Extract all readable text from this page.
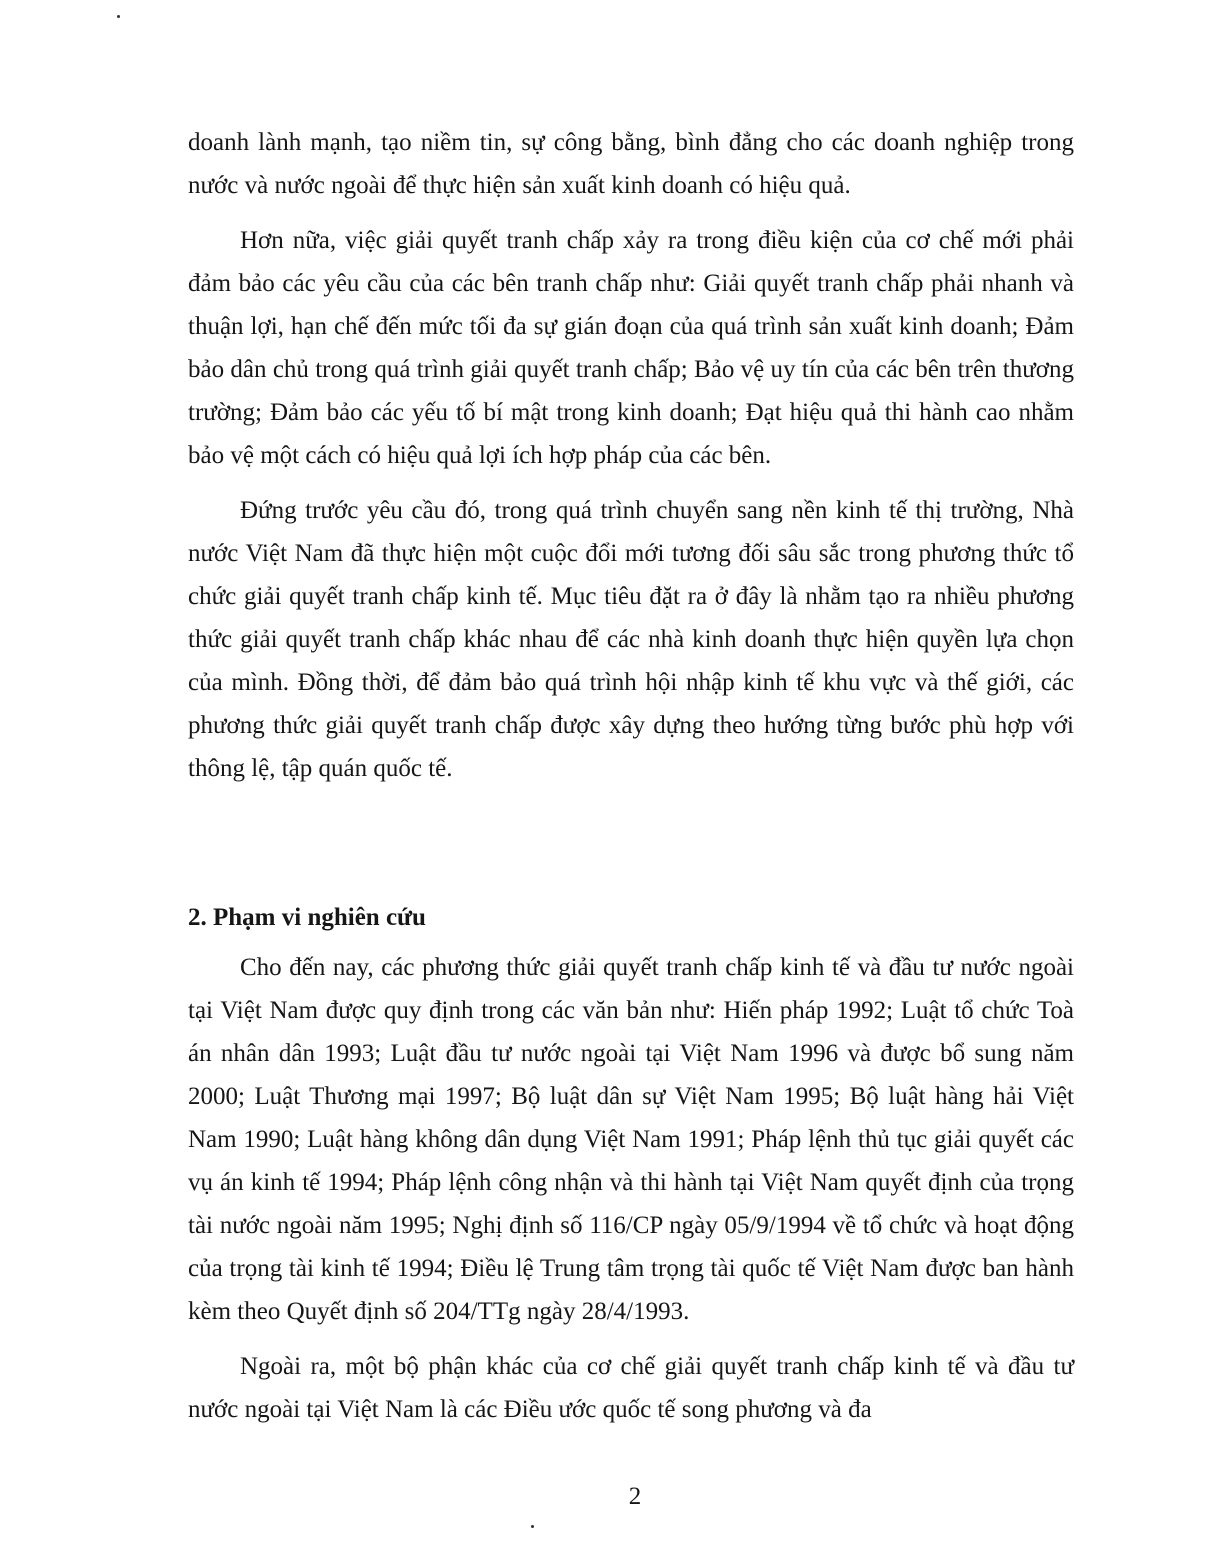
doanh lành mạnh, tạo niềm tin, sự công bằng, bình đẳng cho các doanh nghiệp trong nước và nước ngoài để thực hiện sản xuất kinh doanh có hiệu quả.

Hơn nữa, việc giải quyết tranh chấp xảy ra trong điều kiện của cơ chế mới phải đảm bảo các yêu cầu của các bên tranh chấp như: Giải quyết tranh chấp phải nhanh và thuận lợi, hạn chế đến mức tối đa sự gián đoạn của quá trình sản xuất kinh doanh; Đảm bảo dân chủ trong quá trình giải quyết tranh chấp; Bảo vệ uy tín của các bên trên thương trường; Đảm bảo các yếu tố bí mật trong kinh doanh; Đạt hiệu quả thi hành cao nhằm bảo vệ một cách có hiệu quả lợi ích hợp pháp của các bên.

Đứng trước yêu cầu đó, trong quá trình chuyển sang nền kinh tế thị trường, Nhà nước Việt Nam đã thực hiện một cuộc đổi mới tương đối sâu sắc trong phương thức tổ chức giải quyết tranh chấp kinh tế. Mục tiêu đặt ra ở đây là nhằm tạo ra nhiều phương thức giải quyết tranh chấp khác nhau để các nhà kinh doanh thực hiện quyền lựa chọn của mình. Đồng thời, để đảm bảo quá trình hội nhập kinh tế khu vực và thế giới, các phương thức giải quyết tranh chấp được xây dựng theo hướng từng bước phù hợp với thông lệ, tập quán quốc tế.

2. Phạm vi nghiên cứu

Cho đến nay, các phương thức giải quyết tranh chấp kinh tế và đầu tư nước ngoài tại Việt Nam được quy định trong các văn bản như: Hiến pháp 1992; Luật tổ chức Toà án nhân dân 1993; Luật đầu tư nước ngoài tại Việt Nam 1996 và được bổ sung năm 2000; Luật Thương mại 1997; Bộ luật dân sự Việt Nam 1995; Bộ luật hàng hải Việt Nam 1990; Luật hàng không dân dụng Việt Nam 1991; Pháp lệnh thủ tục giải quyết các vụ án kinh tế 1994; Pháp lệnh công nhận và thi hành tại Việt Nam quyết định của trọng tài nước ngoài năm 1995; Nghị định số 116/CP ngày 05/9/1994 về tổ chức và hoạt động của trọng tài kinh tế 1994; Điều lệ Trung tâm trọng tài quốc tế Việt Nam được ban hành kèm theo Quyết định số 204/TTg ngày 28/4/1993.

Ngoài ra, một bộ phận khác của cơ chế giải quyết tranh chấp kinh tế và đầu tư nước ngoài tại Việt Nam là các Điều ước quốc tế song phương và đa

2
